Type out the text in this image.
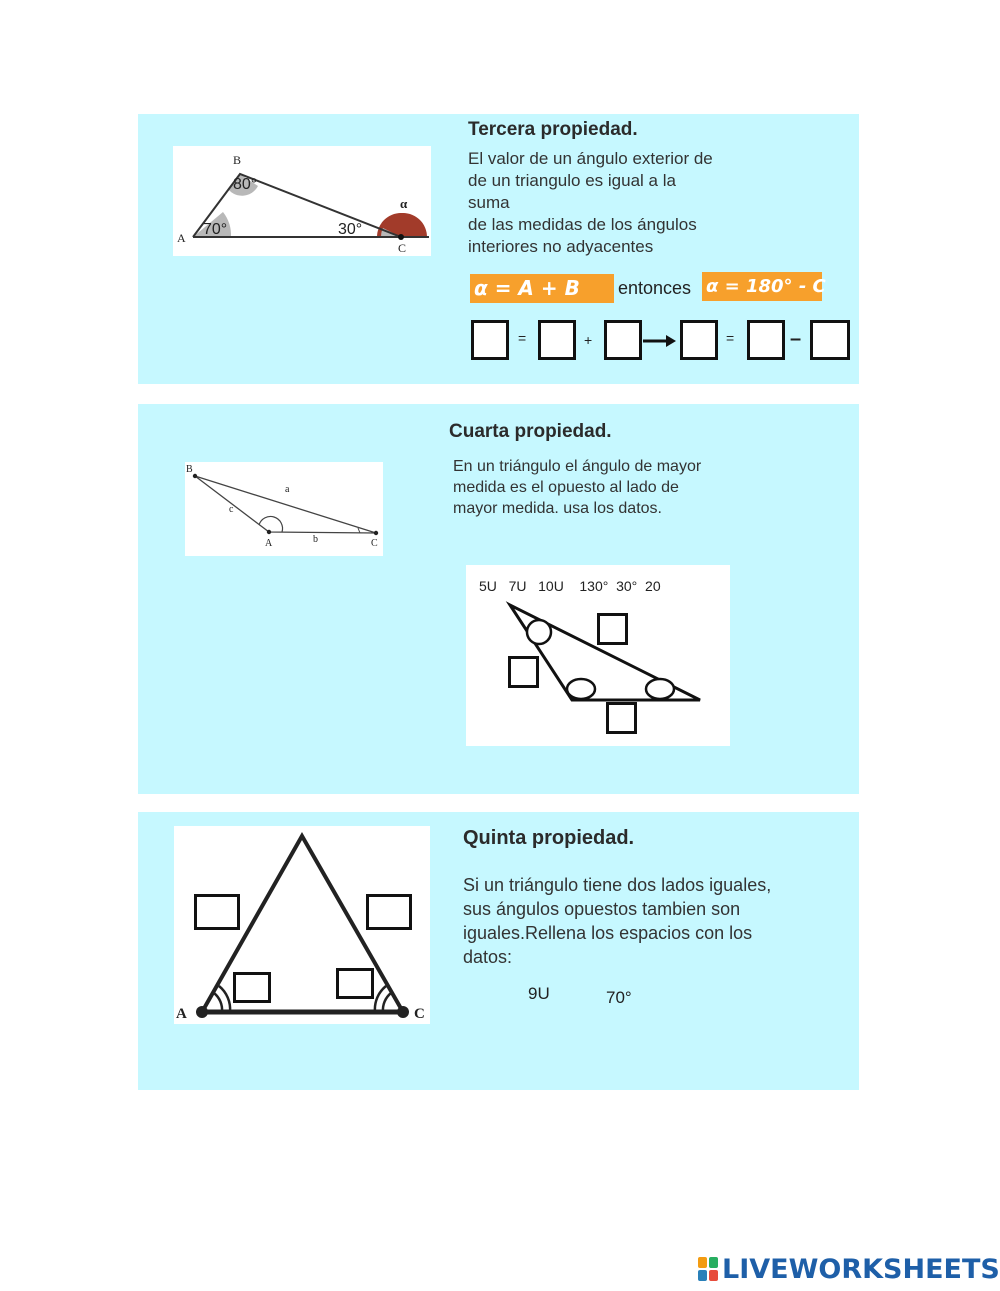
A
B
C
70°
80°
30°
α
Tercera propiedad.

El valor de un ángulo exterior de
de un triangulo es igual a la
suma
de las medidas de los ángulos
interiores no adyacentes

α = A + B	entonces α = 180° - C
=	+	=	–
B
A	C
a
b
c
Cuarta propiedad.

En un triángulo el ángulo de mayor
medida es el opuesto al lado de
mayor medida. usa los datos.

5U   7U   10U    130°  30°  20
A	C
Quinta propiedad.

Si un triángulo tiene dos lados iguales,
sus ángulos opuestos tambien son
iguales.Rellena los espacios con los
datos:

9U	70°
LIVEWORKSHEETS
